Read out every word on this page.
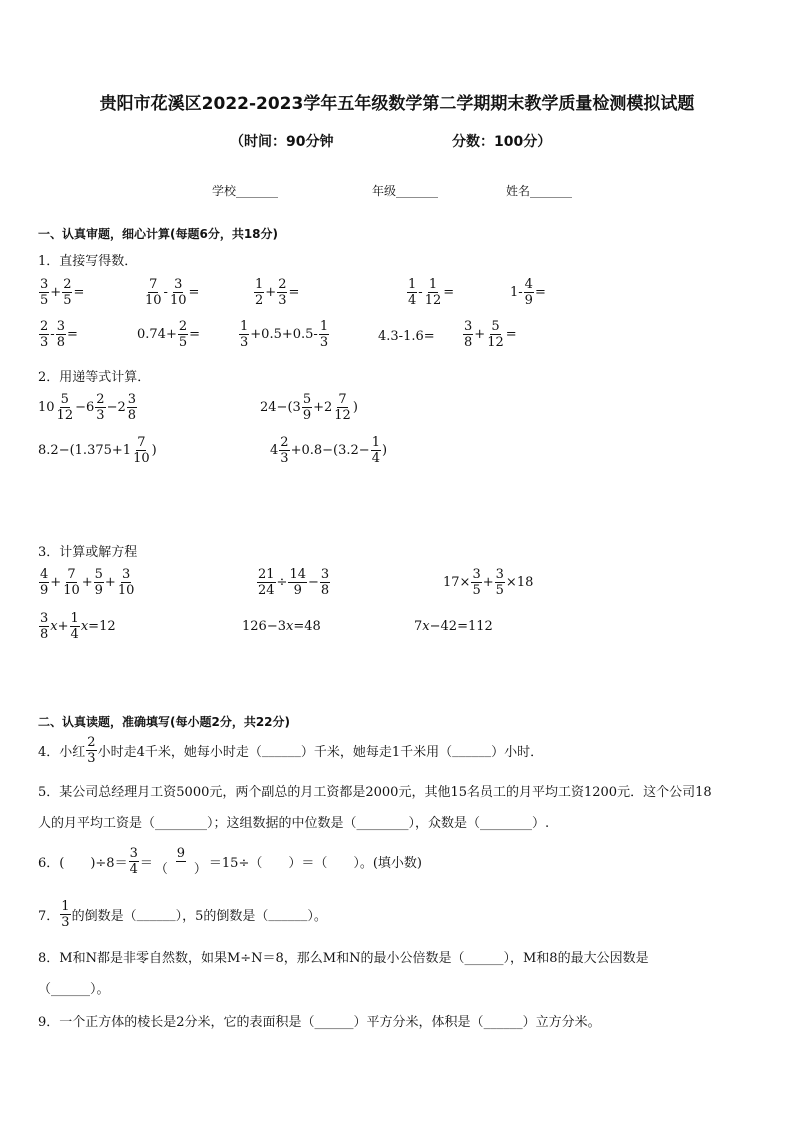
贵阳市花溪区2022-2023学年五年级数学第二学期期末教学质量检测模拟试题
（时间：90分钟	分数：100分）
学校_______	年级_______	姓名_______
一、认真审题，细心计算(每题6分，共18分)
1．直接写得数．
$\frac{3}{5} + \frac{2}{5}$ =	$\frac{7}{10} - \frac{3}{10}$ =	$\frac{1}{2} + \frac{2}{3}$ =	$\frac{1}{4} - \frac{1}{12}$ =	$1- \frac{4}{9}$ =
$\frac{2}{3} - \frac{3}{8}$ =	$0.74 + \frac{2}{5}$ =	$\frac{1}{3} +0.5 +0.5- \frac{1}{3}$	$4.3-1.6= \frac{3}{8} + \frac{5}{12}$ =
2．用递等式计算．
$10 \frac{5}{12} - 6 \frac{2}{3} - 2 \frac{3}{8}$	24 − ( $3 \frac{5}{9} + 2 \frac{7}{12}$ )
$8.2 - (1.375 + 1 \frac{7}{10}$ )	$4 \frac{2}{3} +0.8 - (3.2 - \frac{1}{4}$ )
3．计算或解方程
$\frac{4}{9} + \frac{7}{10} + \frac{5}{9} + \frac{3}{10}$	$\frac{21}{24} \div \frac{14}{9} - \frac{3}{8}$	$17 \times \frac{3}{5} + \frac{3}{5} \times 18$
$\frac{3}{8}$ $x + \frac{1}{4}$ x = 12	126 − 3 x = 48	7 x − 42 = 112
二、认真读题，准确填写(每小题2分，共22分)
4．小红 $\frac{2}{3}$ 小时走4千米，她每小时走（ ______ ）千米，她每走1千米用（ ______ ）小时．
5．某公司总经理月工资5000元，两个副总的月工资都是2000元，其他15名员工的月平均工资1200元．这个公司18
人的月平均工资是（________）；这组数据的中位数是（________），众数是（________）.
6．(　　)$\div 8= \frac{3}{4} = \frac{9}{( )} =15\div$（　　）＝（　　）。(填小数)
7． $\frac{1}{3}$ 的倒数是（ ______ ），5的倒数是（ ______ ）。
8．M和N都是非零自然数，如果M÷N＝8，那么M和N的最小公倍数是（______），M和8的最大公因数是
（______）。
9．一个正方体的棱长是2分米，它的表面积是（______）平方分米，体积是（______）立方分米。
